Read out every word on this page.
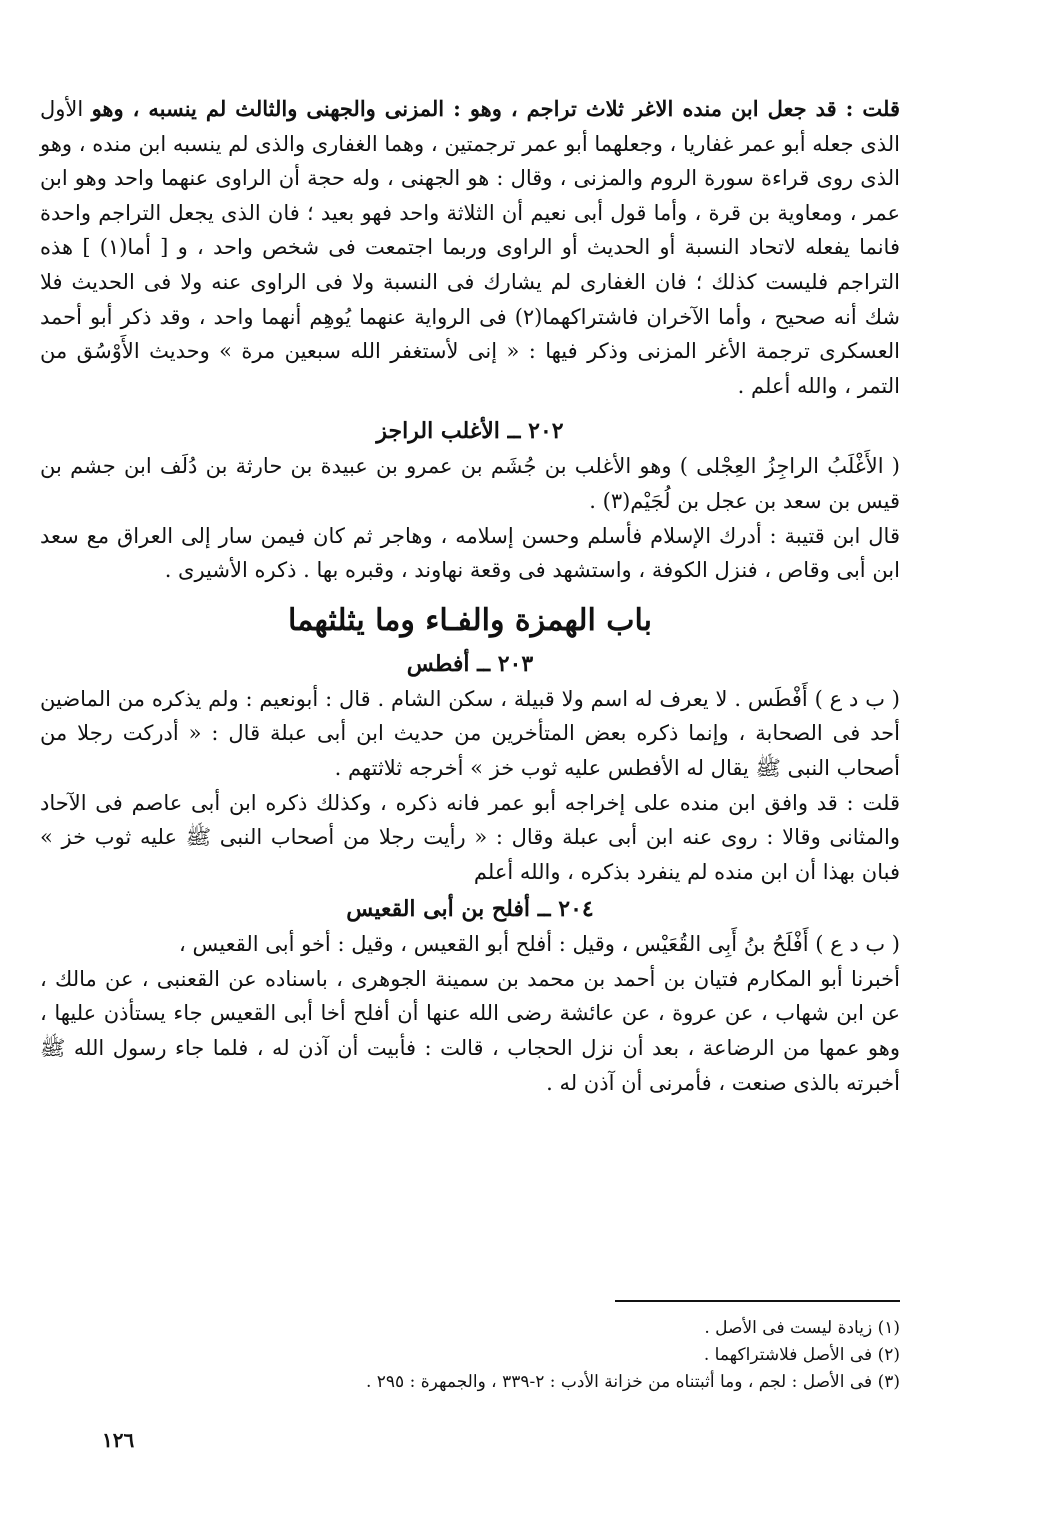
قلت : قد جعل ابن منده الاغر ثلاث تراجم ، وهو : المزنى والجهنى والثالث لم ينسبه ، وهو الأول الذى جعله أبو عمر غفاريا ، وجعلهما أبو عمر ترجمتين ، وهما الغفارى والذى لم ينسبه ابن منده ، وهو الذى روى قراءة سورة الروم والمزنى ، وقال : هو الجهنى ، وله حجة أن الراوى عنهما واحد وهو ابن عمر ، ومعاوية بن قرة ، وأما قول أبى نعيم أن الثلاثة واحد فهو بعيد ؛ فان الذى يجعل التراجم واحدة فانما يفعله لاتحاد النسبة أو الحديث أو الراوى وربما اجتمعت فى شخص واحد ، و [ أما(١) ] هذه التراجم فليست كذلك ؛ فان الغفارى لم يشارك فى النسبة ولا فى الراوى عنه ولا فى الحديث فلا شك أنه صحيح ، وأما الآخران فاشتراكهما(٢) فى الرواية عنهما يُوهِم أنهما واحد ، وقد ذكر أبو أحمد العسكرى ترجمة الأغر المزنى وذكر فيها : « إنى لأستغفر الله سبعين مرة » وحديث الأَوْسُق من التمر ، والله أعلم .

٢٠٢ ــ الأغلب الراجز

( الأَغْلَبُ الراجِزُ العِجْلى ) وهو الأغلب بن جُشَم بن عمرو بن عبيدة بن حارثة بن دُلَف ابن جشم بن قيس بن سعد بن عجل بن لُجَيْم(٣) .

قال ابن قتيبة : أدرك الإسلام فأسلم وحسن إسلامه ، وهاجر ثم كان فيمن سار إلى العراق مع سعد ابن أبى وقاص ، فنزل الكوفة ، واستشهد فى وقعة نهاوند ، وقبره بها . ذكره الأشيرى .

باب الهمزة والفـاء وما يثلثهما
٢٠٣ ــ أفطس

( ب د ع ) أَفْطَس . لا يعرف له اسم ولا قبيلة ، سكن الشام . قال : أبونعيم : ولم يذكره من الماضين أحد فى الصحابة ، وإنما ذكره بعض المتأخرين من حديث ابن أبى عبلة قال : « أدركت رجلا من أصحاب النبى ﷺ يقال له الأفطس عليه ثوب خز » أخرجه ثلاثتهم .

قلت : قد وافق ابن منده على إخراجه أبو عمر فانه ذكره ، وكذلك ذكره ابن أبى عاصم فى الآحاد والمثانى وقالا : روى عنه ابن أبى عبلة وقال : « رأيت رجلا من أصحاب النبى ﷺ عليه ثوب خز » فبان بهذا أن ابن منده لم ينفرد بذكره ، والله أعلم

٢٠٤ ــ أفلح بن أبى القعيس

( ب د ع ) أَفْلَحُ بنُ أَبِى القُعَيْس ، وقيل : أفلح أبو القعيس ، وقيل : أخو أبى القعيس ،

أخبرنا أبو المكارم فتيان بن أحمد بن محمد بن سمينة الجوهرى ، باسناده عن القعنبى ، عن مالك ، عن ابن شهاب ، عن عروة ، عن عائشة رضى الله عنها أن أفلح أخا أبى القعيس جاء يستأذن عليها ، وهو عمها من الرضاعة ، بعد أن نزل الحجاب ، قالت : فأبيت أن آذن له ، فلما جاء رسول الله ﷺ أخبرته بالذى صنعت ، فأمرنى أن آذن له .

(١) زيادة ليست فى الأصل .

(٢) فى الأصل فلاشتراكهما .

(٣) فى الأصل : لجم ، وما أثبتناه من خزانة الأدب : ٢-٣٣٩ ، والجمهرة : ٢٩٥ .

١٢٦
